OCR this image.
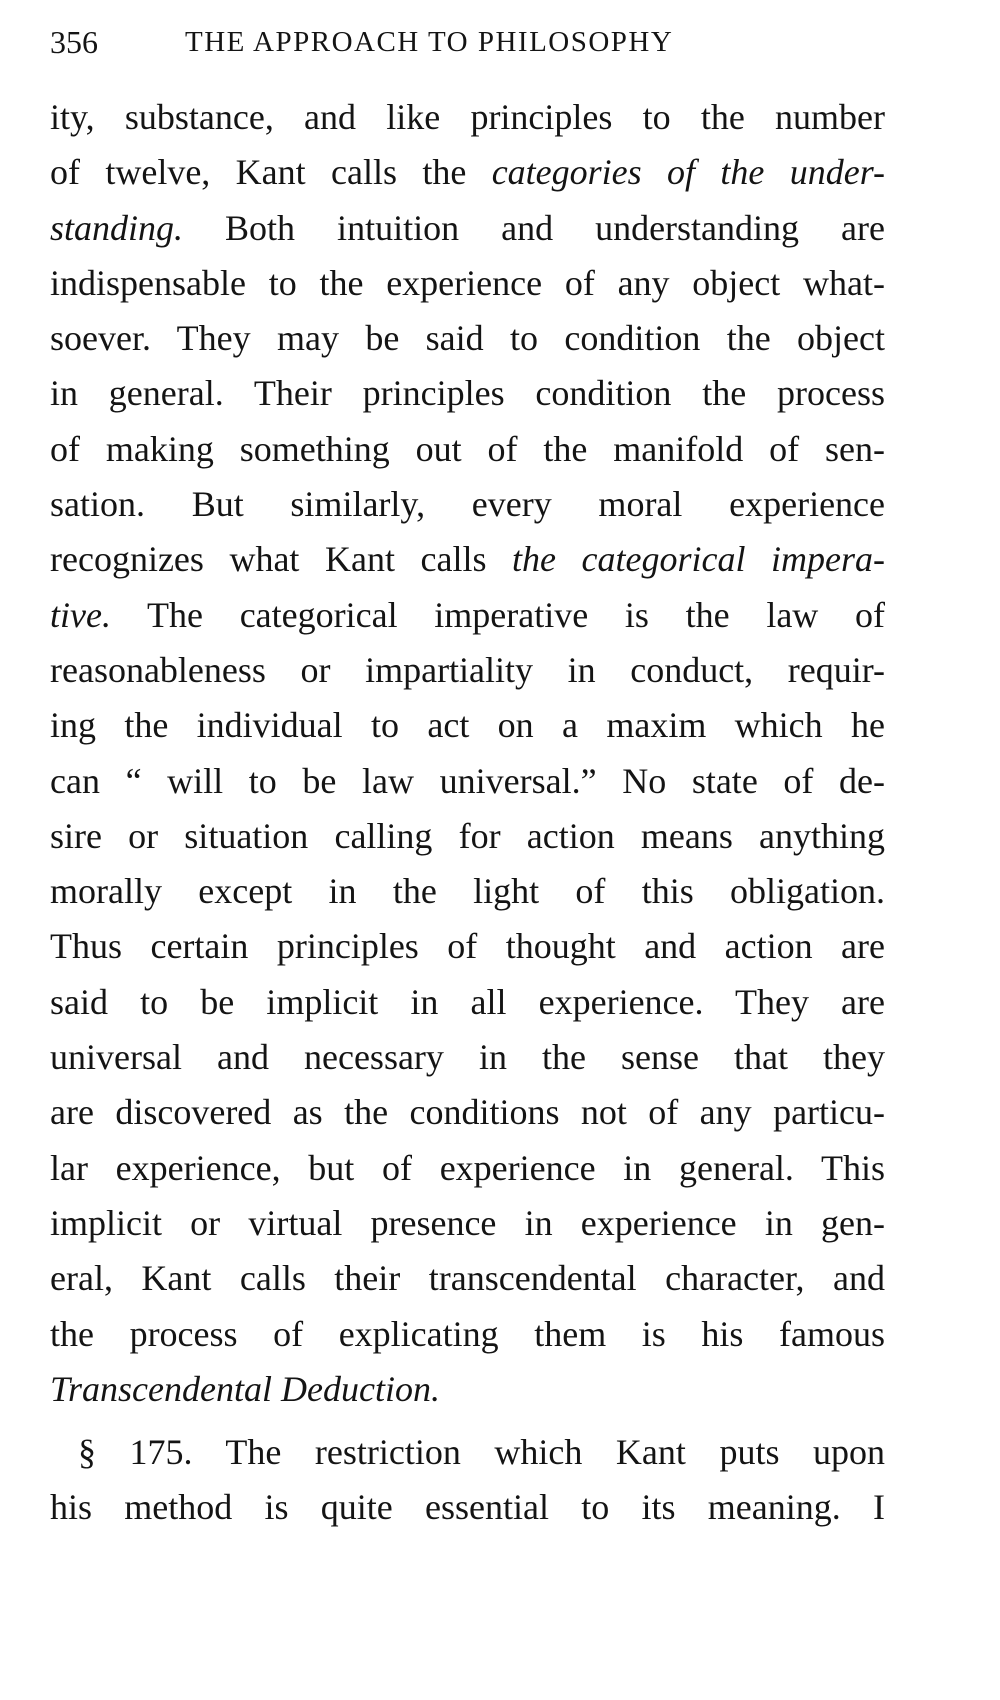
356	THE APPROACH TO PHILOSOPHY
ity, substance, and like principles to the number
of twelve, Kant calls the categories of the under-
standing. Both intuition and understanding are
indispensable to the experience of any object what-
soever. They may be said to condition the object
in general. Their principles condition the process
of making something out of the manifold of sen-
sation. But similarly, every moral experience
recognizes what Kant calls the categorical impera-
tive. The categorical imperative is the law of
reasonableness or impartiality in conduct, requir-
ing the individual to act on a maxim which he
can “ will to be law universal.” No state of de-
sire or situation calling for action means anything
morally except in the light of this obligation.
Thus certain principles of thought and action are
said to be implicit in all experience. They are
universal and necessary in the sense that they
are discovered as the conditions not of any particu-
lar experience, but of experience in general. This
implicit or virtual presence in experience in gen-
eral, Kant calls their transcendental character, and
the process of explicating them is his famous
Transcendental Deduction.
§ 175. The restriction which Kant puts upon
his method is quite essential to its meaning. I
